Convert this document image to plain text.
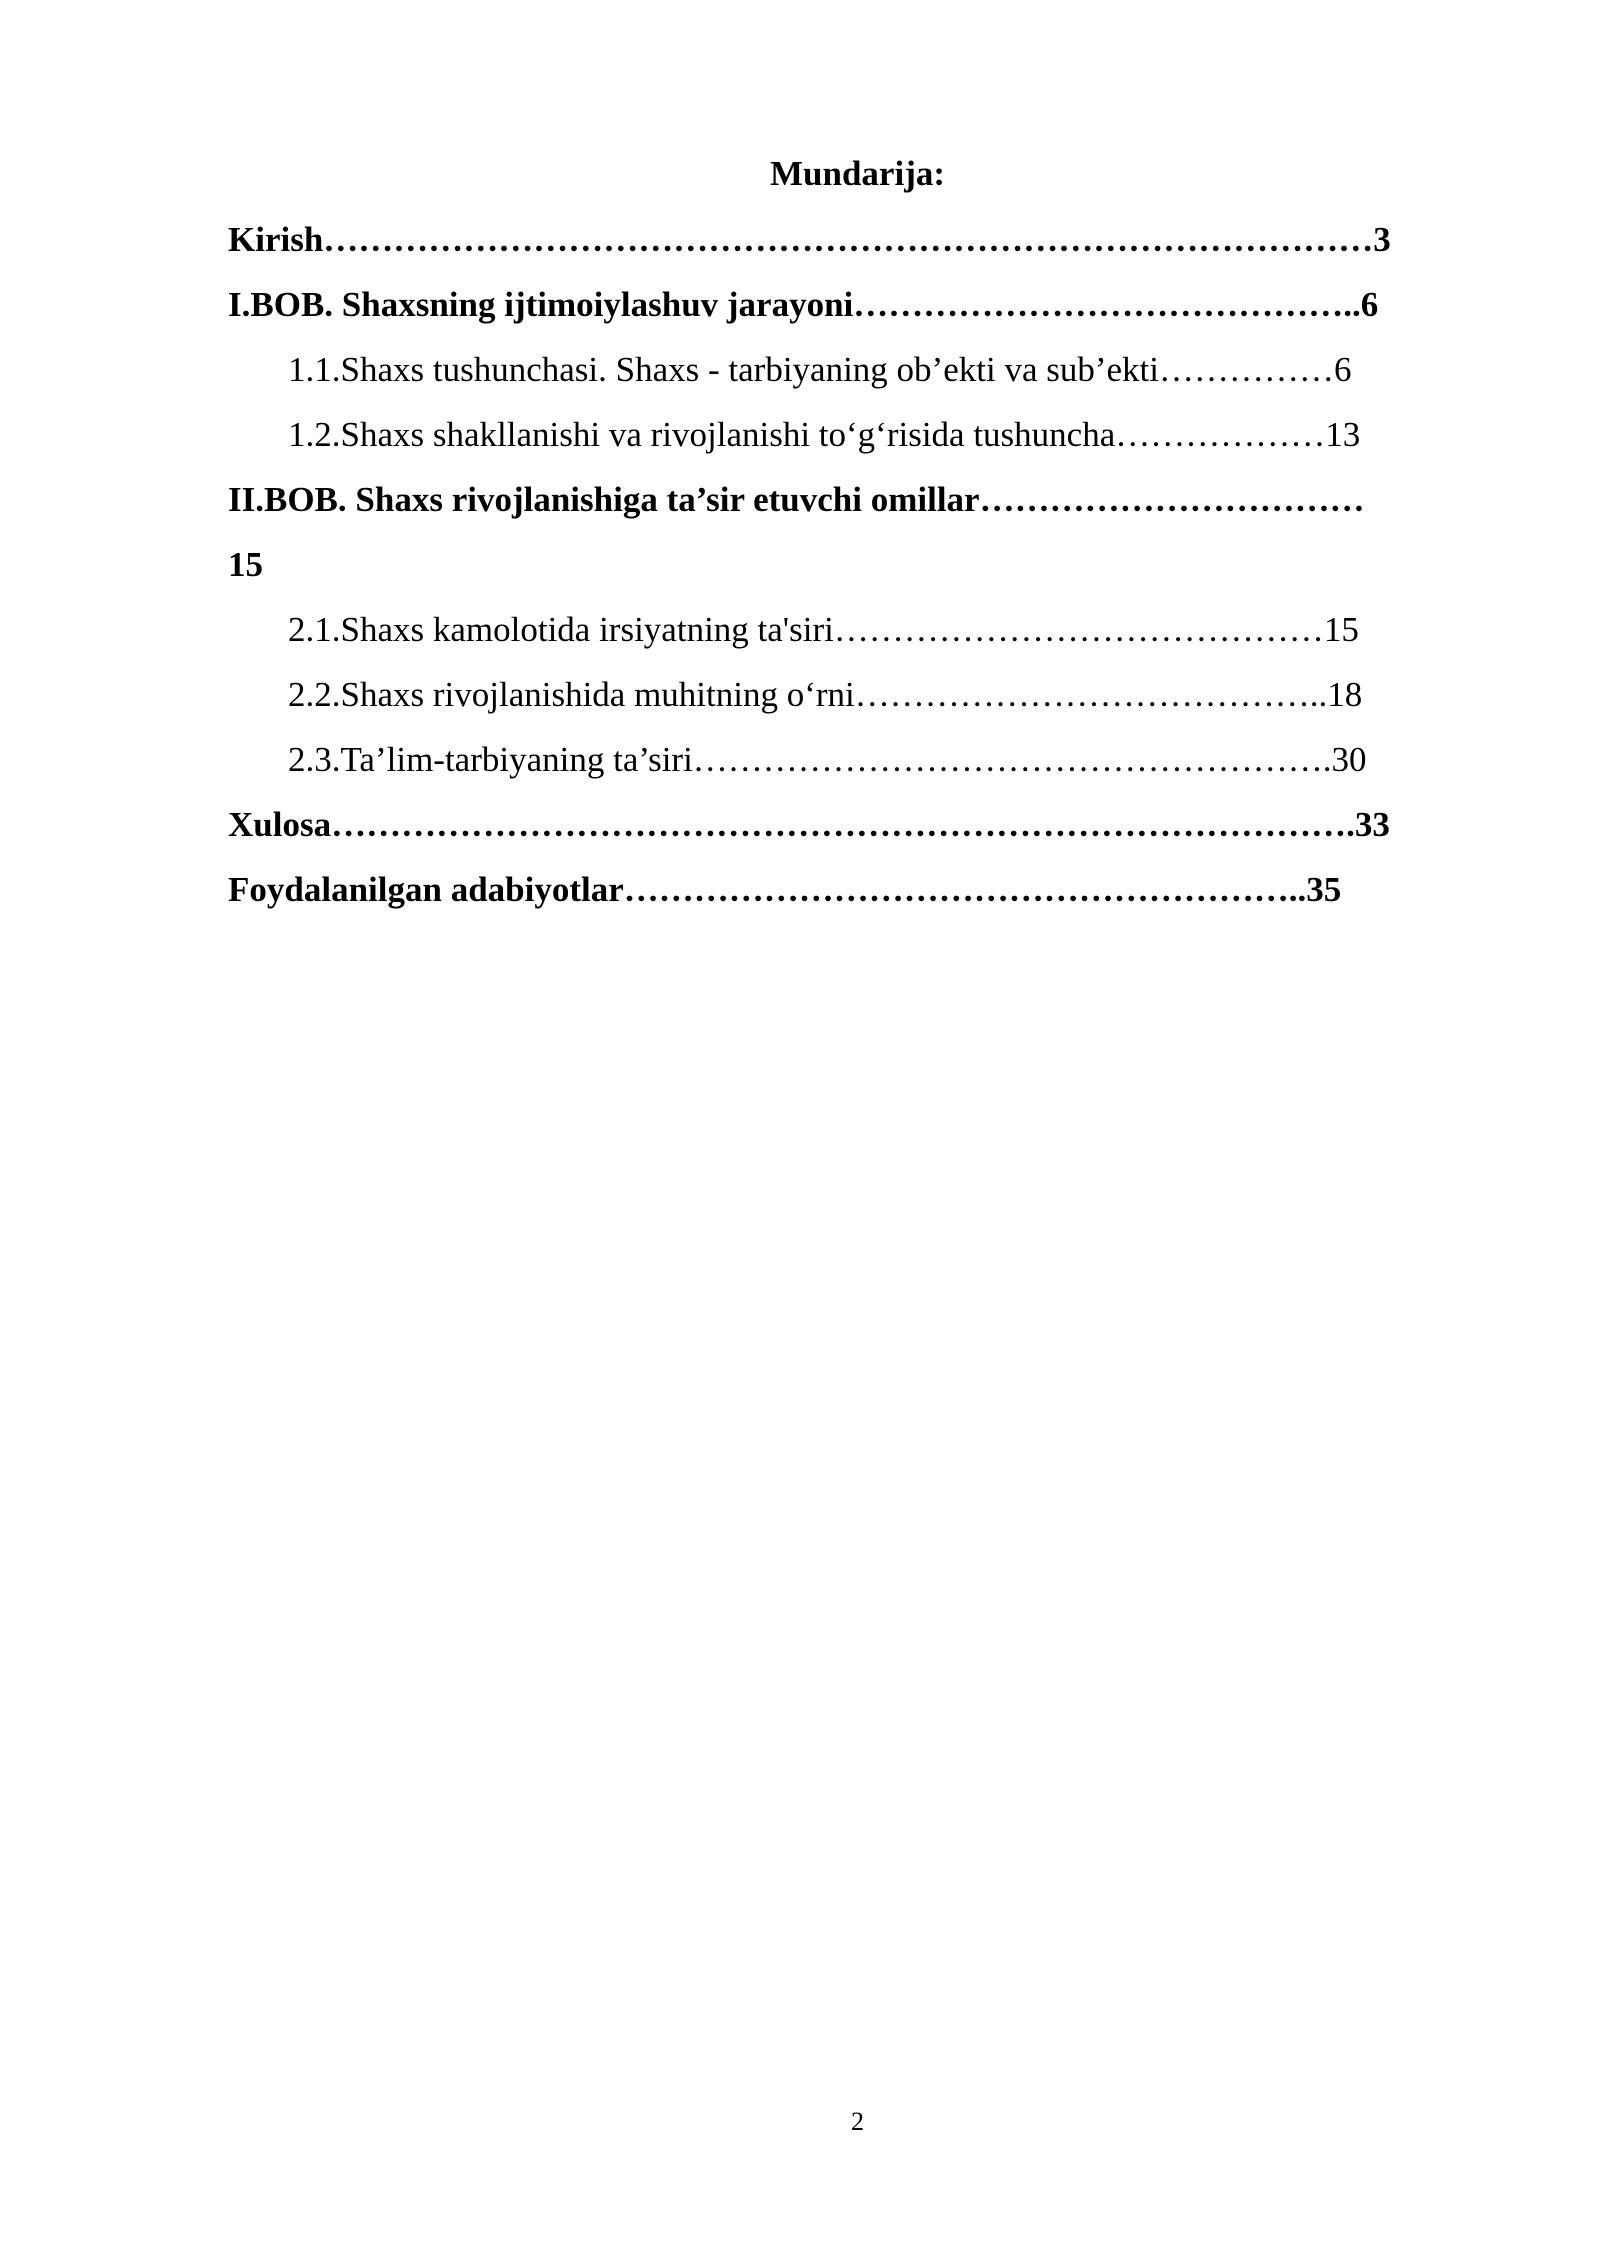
Mundarija:
Kirish………………………………………………………………………………3
I.BOB. Shaxsning ijtimoiylashuv jarayoni……………………………………..6
1.1.Shaxs tushunchasi. Shaxs - tarbiyaning ob’ekti va sub’ekti……………6
1.2.Shaxs shakllanishi va rivojlanishi to‘g‘risida tushuncha………………13
II.BOB. Shaxs rivojlanishiga ta’sir etuvchi omillar……………………………
15
2.1.Shaxs kamolotida irsiyatning ta'siri……………………………………15
2.2.Shaxs rivojlanishida muhitning o‘rni…………………………………..18
2.3.Ta’lim-tarbiyaning ta’siri……………………………………………….30
Xulosa…………………………………………………………………………….33
Foydalanilgan adabiyotlar…………………………………………………..35
2
